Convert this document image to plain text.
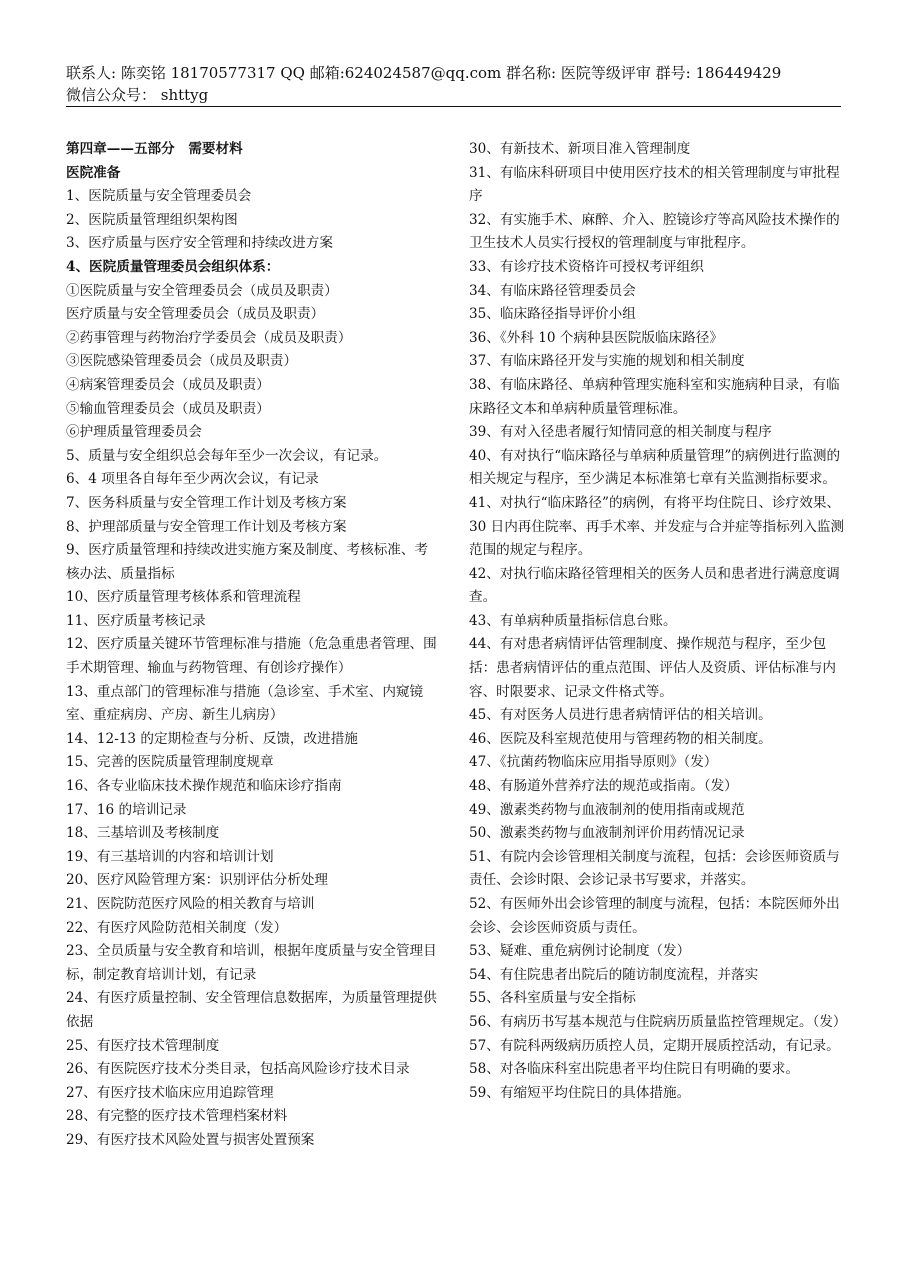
联系人: 陈奕铭 18170577317 QQ 邮箱:624024587@qq.com 群名称: 医院等级评审 群号: 186449429
微信公众号： shttyg

第四章——五部分　需要材料

医院准备

1、医院质量与安全管理委员会

2、医院质量管理组织架构图

3、医疗质量与医疗安全管理和持续改进方案

4、医院质量管理委员会组织体系：

①医院质量与安全管理委员会（成员及职责）

医疗质量与安全管理委员会（成员及职责）

②药事管理与药物治疗学委员会（成员及职责）

③医院感染管理委员会（成员及职责）

④病案管理委员会（成员及职责）

⑤输血管理委员会（成员及职责）

⑥护理质量管理委员会

5、质量与安全组织总会每年至少一次会议，有记录。

6、4 项里各自每年至少两次会议，有记录

7、医务科质量与安全管理工作计划及考核方案

8、护理部质量与安全管理工作计划及考核方案

9、医疗质量管理和持续改进实施方案及制度、考核标准、考核办法、质量指标

10、医疗质量管理考核体系和管理流程

11、医疗质量考核记录

12、医疗质量关键环节管理标准与措施（危急重患者管理、围手术期管理、输血与药物管理、有创诊疗操作）

13、重点部门的管理标准与措施（急诊室、手术室、内窥镜室、重症病房、产房、新生儿病房）

14、12-13 的定期检查与分析、反馈，改进措施

15、完善的医院质量管理制度规章

16、各专业临床技术操作规范和临床诊疗指南

17、16 的培训记录

18、三基培训及考核制度

19、有三基培训的内容和培训计划

20、医疗风险管理方案：识别评估分析处理

21、医院防范医疗风险的相关教育与培训

22、有医疗风险防范相关制度（发）

23、全员质量与安全教育和培训，根据年度质量与安全管理目标，制定教育培训计划，有记录

24、有医疗质量控制、安全管理信息数据库，为质量管理提供依据

25、有医疗技术管理制度

26、有医院医疗技术分类目录，包括高风险诊疗技术目录

27、有医疗技术临床应用追踪管理

28、有完整的医疗技术管理档案材料

29、有医疗技术风险处置与损害处置预案

30、有新技术、新项目准入管理制度

31、有临床科研项目中使用医疗技术的相关管理制度与审批程序

32、有实施手术、麻醉、介入、腔镜诊疗等高风险技术操作的卫生技术人员实行授权的管理制度与审批程序。

33、有诊疗技术资格许可授权考评组织

34、有临床路径管理委员会

35、临床路径指导评价小组

36、《外科 10 个病种县医院版临床路径》

37、有临床路径开发与实施的规划和相关制度

38、有临床路径、单病种管理实施科室和实施病种目录，有临床路径文本和单病种质量管理标准。

39、有对入径患者履行知情同意的相关制度与程序

40、有对执行“临床路径与单病种质量管理”的病例进行监测的相关规定与程序，至少满足本标准第七章有关监测指标要求。

41、对执行“临床路径”的病例，有将平均住院日、诊疗效果、30 日内再住院率、再手术率、并发症与合并症等指标列入监测范围的规定与程序。

42、对执行临床路径管理相关的医务人员和患者进行满意度调查。

43、有单病种质量指标信息台账。

44、有对患者病情评估管理制度、操作规范与程序，至少包括：患者病情评估的重点范围、评估人及资质、评估标准与内容、时限要求、记录文件格式等。

45、有对医务人员进行患者病情评估的相关培训。

46、医院及科室规范使用与管理药物的相关制度。

47、《抗菌药物临床应用指导原则》（发）

48、有肠道外营养疗法的规范或指南。（发）

49、激素类药物与血液制剂的使用指南或规范

50、激素类药物与血液制剂评价用药情况记录

51、有院内会诊管理相关制度与流程，包括：会诊医师资质与责任、会诊时限、会诊记录书写要求，并落实。

52、有医师外出会诊管理的制度与流程，包括：本院医师外出会诊、会诊医师资质与责任。

53、疑难、重危病例讨论制度（发）

54、有住院患者出院后的随访制度流程，并落实

55、各科室质量与安全指标

56、有病历书写基本规范与住院病历质量监控管理规定。（发）

57、有院科两级病历质控人员，定期开展质控活动，有记录。

58、对各临床科室出院患者平均住院日有明确的要求。

59、有缩短平均住院日的具体措施。
